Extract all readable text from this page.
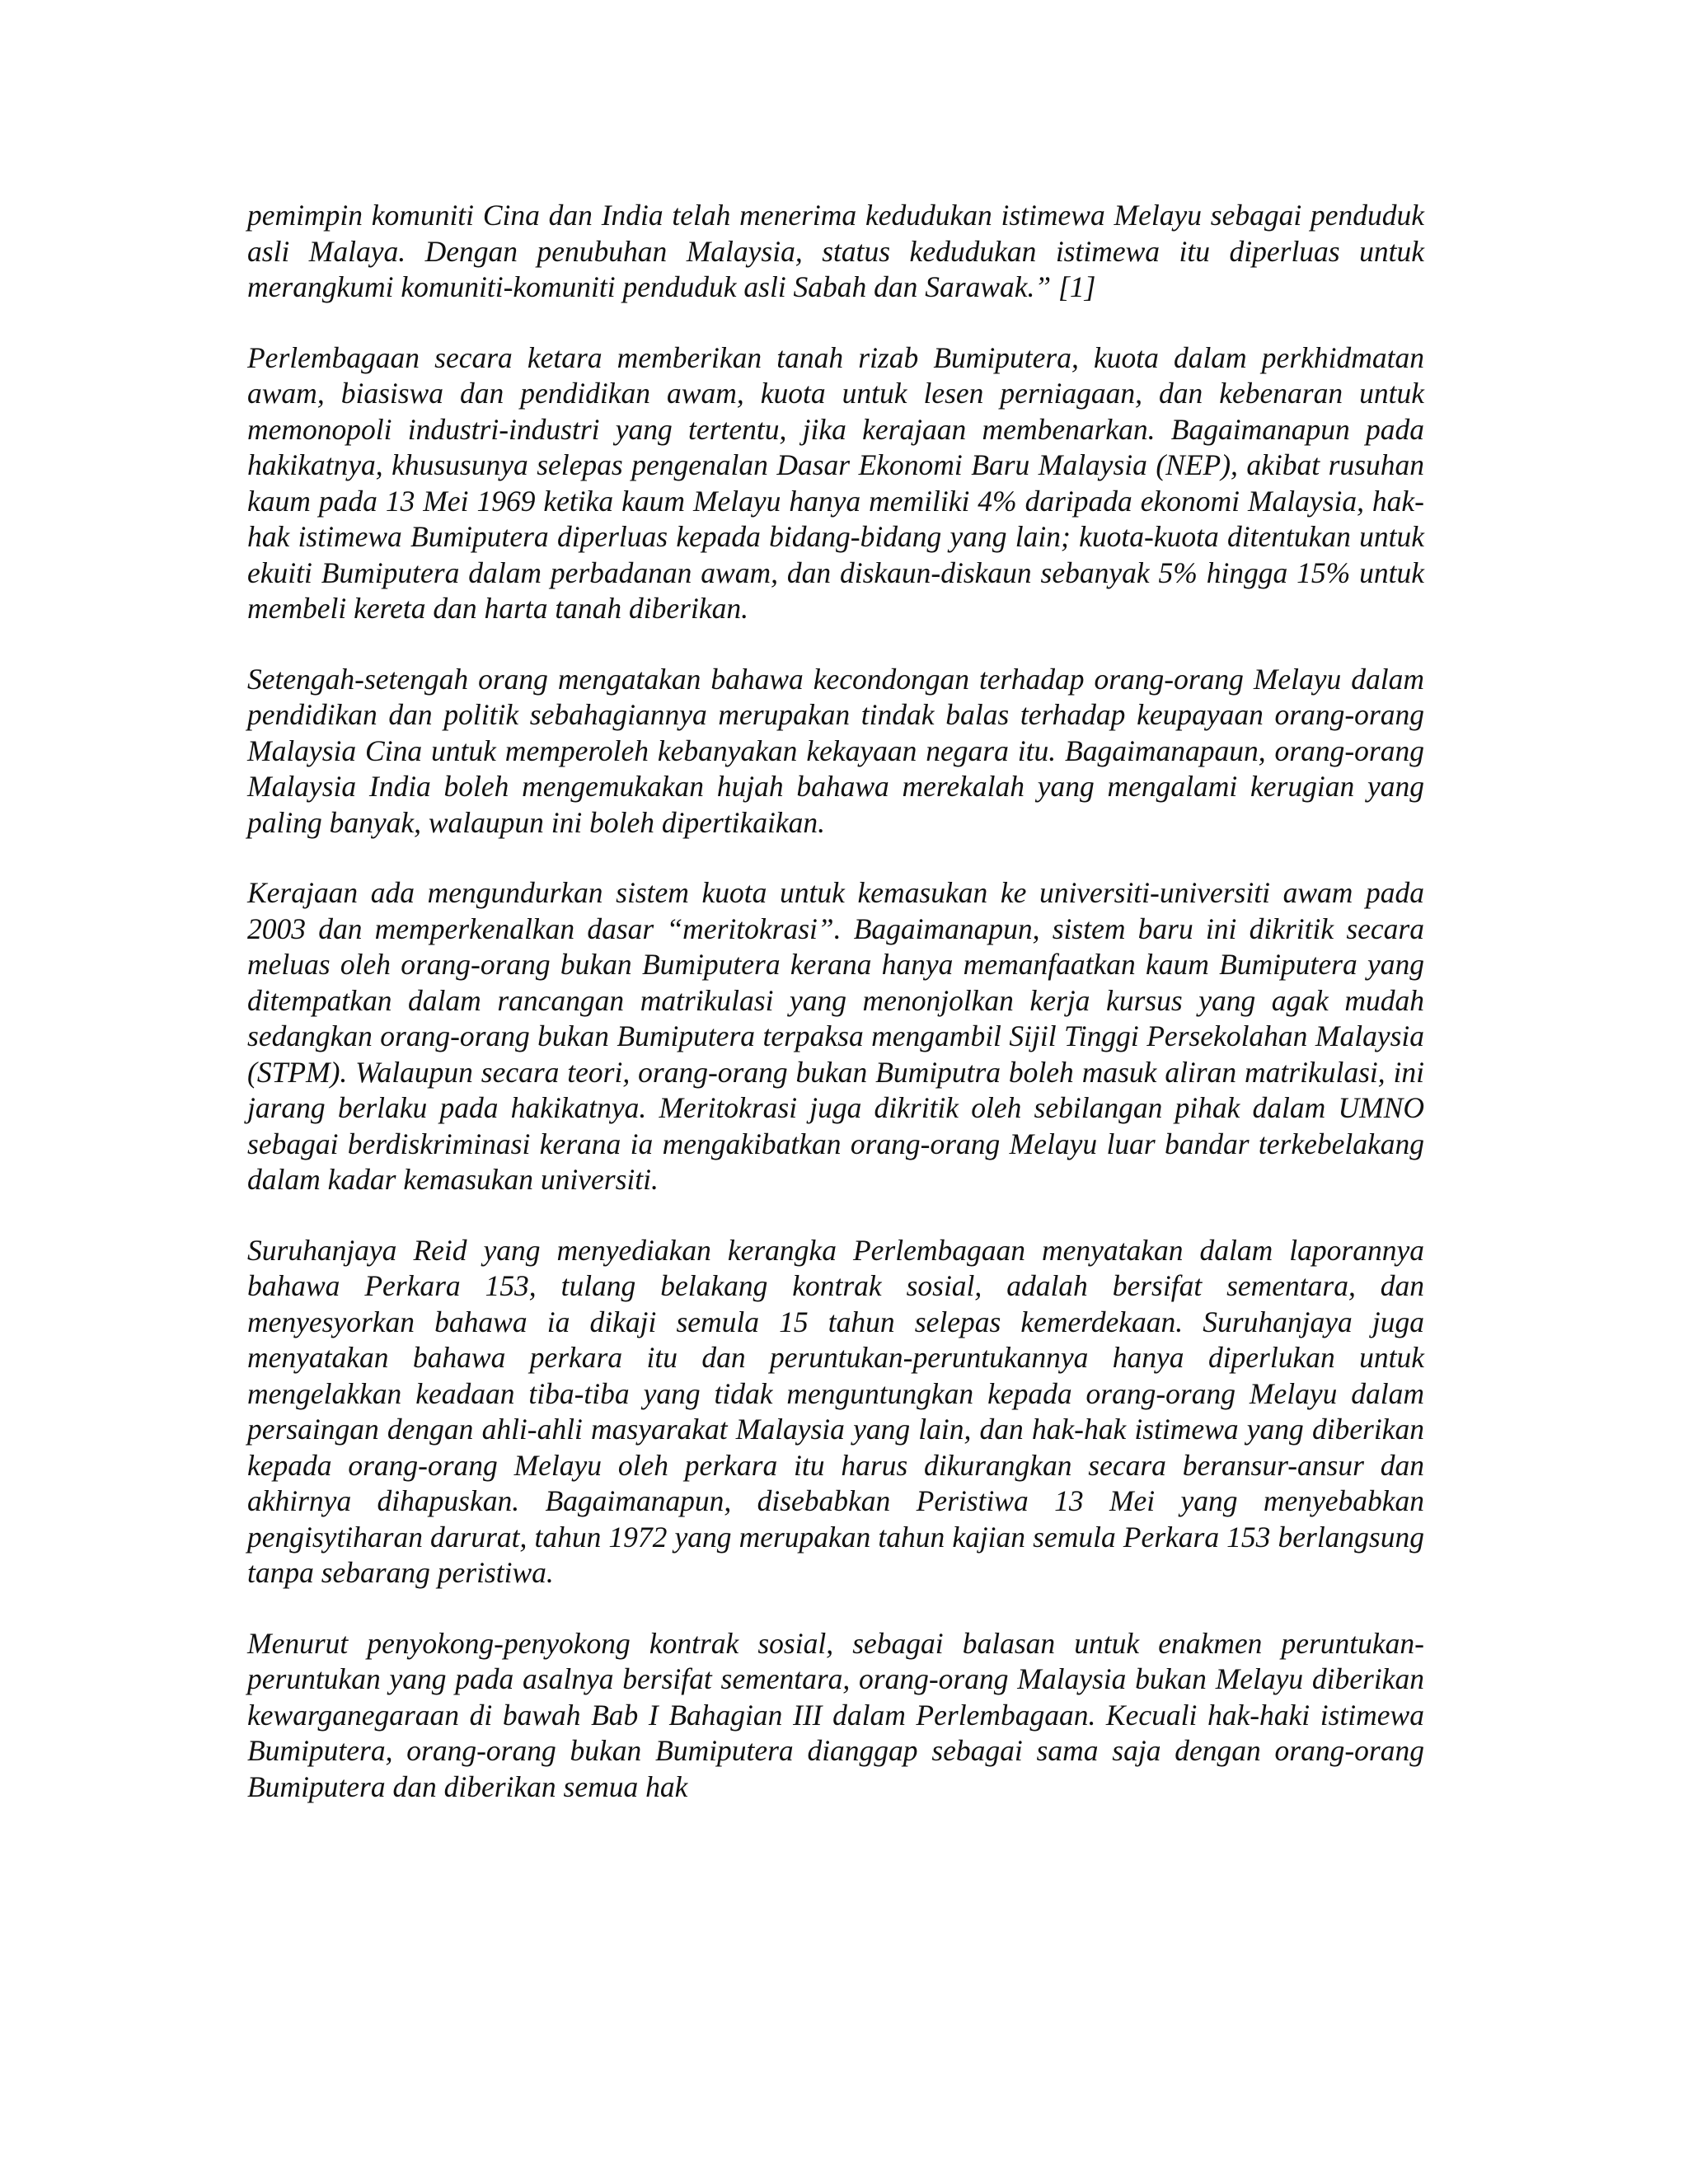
pemimpin komuniti Cina dan India telah menerima kedudukan istimewa Melayu sebagai penduduk asli Malaya. Dengan penubuhan Malaysia, status kedudukan istimewa itu diperluas untuk merangkumi komuniti-komuniti penduduk asli Sabah dan Sarawak.” [1]

Perlembagaan secara ketara memberikan tanah rizab Bumiputera, kuota dalam perkhidmatan awam, biasiswa dan pendidikan awam, kuota untuk lesen perniagaan, dan kebenaran untuk memonopoli industri-industri yang tertentu, jika kerajaan membenarkan. Bagaimanapun pada hakikatnya, khususunya selepas pengenalan Dasar Ekonomi Baru Malaysia (NEP), akibat rusuhan kaum pada 13 Mei 1969 ketika kaum Melayu hanya memiliki 4% daripada ekonomi Malaysia, hak-hak istimewa Bumiputera diperluas kepada bidang-bidang yang lain; kuota-kuota ditentukan untuk ekuiti Bumiputera dalam perbadanan awam, dan diskaun-diskaun sebanyak 5% hingga 15% untuk membeli kereta dan harta tanah diberikan.

Setengah-setengah orang mengatakan bahawa kecondongan terhadap orang-orang Melayu dalam pendidikan dan politik sebahagiannya merupakan tindak balas terhadap keupayaan orang-orang Malaysia Cina untuk memperoleh kebanyakan kekayaan negara itu. Bagaimanapaun, orang-orang Malaysia India boleh mengemukakan hujah bahawa merekalah yang mengalami kerugian yang paling banyak, walaupun ini boleh dipertikaikan.

Kerajaan ada mengundurkan sistem kuota untuk kemasukan ke universiti-universiti awam pada 2003 dan memperkenalkan dasar “meritokrasi”. Bagaimanapun, sistem baru ini dikritik secara meluas oleh orang-orang bukan Bumiputera kerana hanya memanfaatkan kaum Bumiputera yang ditempatkan dalam rancangan matrikulasi yang menonjolkan kerja kursus yang agak mudah sedangkan orang-orang bukan Bumiputera terpaksa mengambil Sijil Tinggi Persekolahan Malaysia (STPM). Walaupun secara teori, orang-orang bukan Bumiputra boleh masuk aliran matrikulasi, ini jarang berlaku pada hakikatnya. Meritokrasi juga dikritik oleh sebilangan pihak dalam UMNO sebagai berdiskriminasi kerana ia mengakibatkan orang-orang Melayu luar bandar terkebelakang dalam kadar kemasukan universiti.

Suruhanjaya Reid yang menyediakan kerangka Perlembagaan menyatakan dalam laporannya bahawa Perkara 153, tulang belakang kontrak sosial, adalah bersifat sementara, dan menyesyorkan bahawa ia dikaji semula 15 tahun selepas kemerdekaan. Suruhanjaya juga menyatakan bahawa perkara itu dan peruntukan-peruntukannya hanya diperlukan untuk mengelakkan keadaan tiba-tiba yang tidak menguntungkan kepada orang-orang Melayu dalam persaingan dengan ahli-ahli masyarakat Malaysia yang lain, dan hak-hak istimewa yang diberikan kepada orang-orang Melayu oleh perkara itu harus dikurangkan secara beransur-ansur dan akhirnya dihapuskan. Bagaimanapun, disebabkan Peristiwa 13 Mei yang menyebabkan pengisytiharan darurat, tahun 1972 yang merupakan tahun kajian semula Perkara 153 berlangsung tanpa sebarang peristiwa.

Menurut penyokong-penyokong kontrak sosial, sebagai balasan untuk enakmen peruntukan-peruntukan yang pada asalnya bersifat sementara, orang-orang Malaysia bukan Melayu diberikan kewarganegaraan di bawah Bab I Bahagian III dalam Perlembagaan. Kecuali hak-haki istimewa Bumiputera, orang-orang bukan Bumiputera dianggap sebagai sama saja dengan orang-orang Bumiputera dan diberikan semua hak
